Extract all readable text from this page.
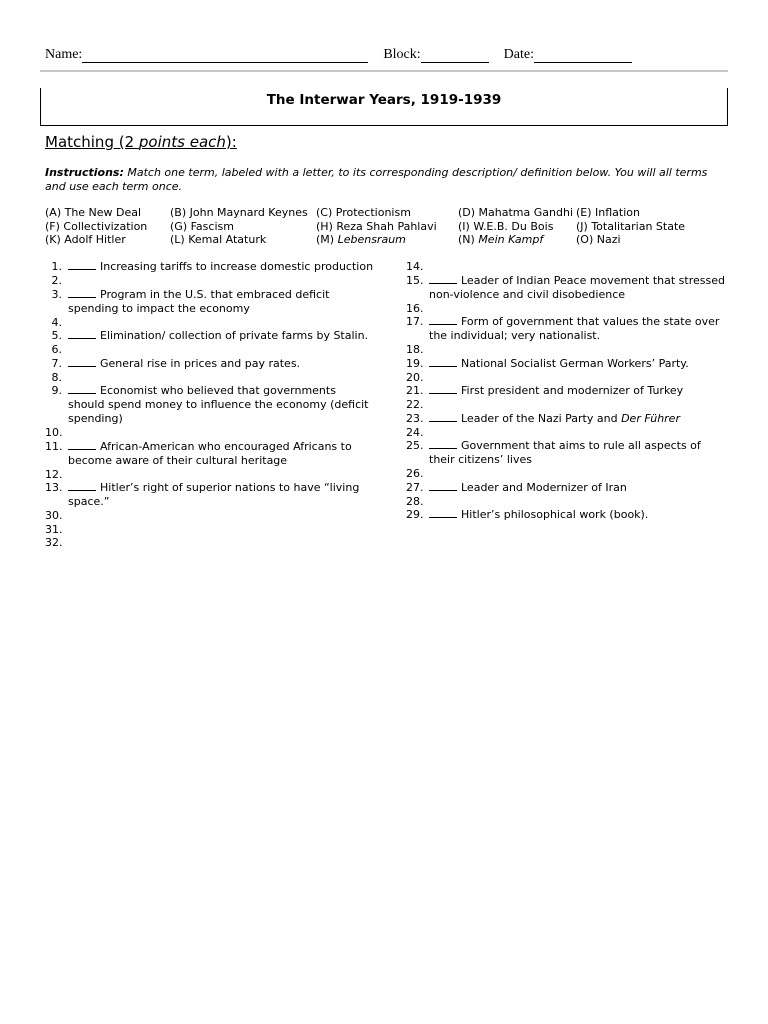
Name:	Block:	Date:
The Interwar Years, 1919-1939
Matching (2 points each):
Instructions: Match one term, labeled with a letter, to its corresponding description/ definition below. You will all terms and use each term once.
(A) The New Deal	(B) John Maynard Keynes (C) Protectionism	(D) Mahatma Gandhi (E) Inflation
(F) Collectivization (G) Fascism	(H) Reza Shah Pahlavi (I) W.E.B. Du Bois (J) Totalitarian State
(K) Adolf Hitler	(L) Kemal Ataturk	(M) Lebensraum	(N) Mein Kampf	(O) Nazi
1.	Increasing tariffs to increase domestic production
2.
3.	Program in the U.S. that embraced deficit spending to impact the economy
4.
5.	Elimination/ collection of private farms by Stalin.
6.
7.	General rise in prices and pay rates.
8.
9.	Economist who believed that governments should spend money to influence the economy (deficit spending)
10.
11.	African-American who encouraged Africans to become aware of their cultural heritage
12.
13.	Hitler’s right of superior nations to have “living space.”
30.
31.
32.
14.
15.	Leader of Indian Peace movement that stressed non-violence and civil disobedience
16.
17.	Form of government that values the state over the individual; very nationalist.
18.
19.	National Socialist German Workers’ Party.
20.
21.	First president and modernizer of Turkey
22.
23.	Leader of the Nazi Party and Der Führer
24.
25.	Government that aims to rule all aspects of their citizens’ lives
26.
27.	Leader and Modernizer of Iran
28.
29.	Hitler’s philosophical work (book).
